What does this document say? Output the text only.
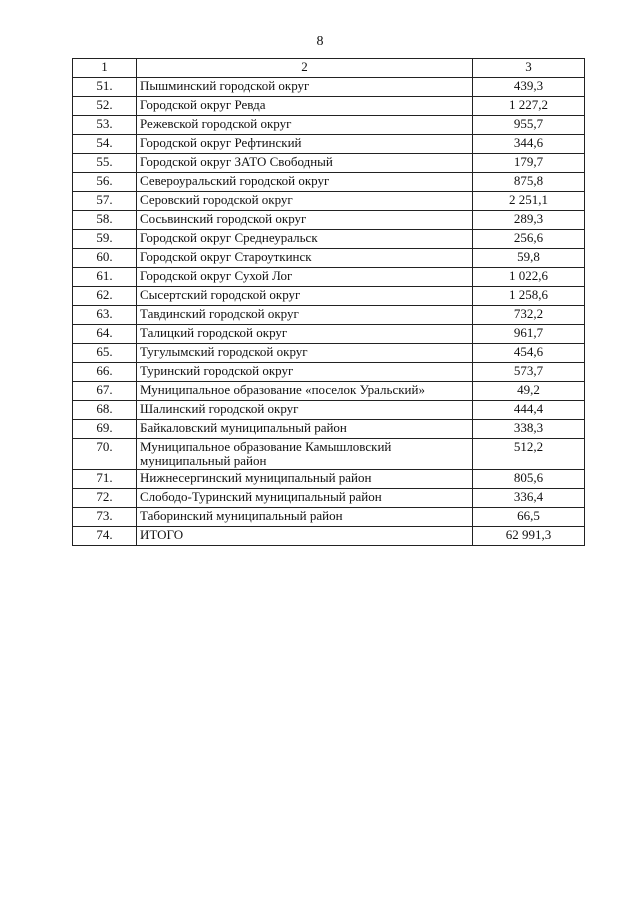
8
1	2	3
51.	Пышминский городской округ	439,3
52.	Городской округ Ревда	1 227,2
53.	Режевской городской округ	955,7
54.	Городской округ Рефтинский	344,6
55.	Городской округ ЗАТО Свободный	179,7
56.	Североуральский городской округ	875,8
57.	Серовский городской округ	2 251,1
58.	Сосьвинский городской округ	289,3
59.	Городской округ Среднеуральск	256,6
60.	Городской округ Староуткинск	59,8
61.	Городской округ Сухой Лог	1 022,6
62.	Сысертский городской округ	1 258,6
63.	Тавдинский городской округ	732,2
64.	Талицкий городской округ	961,7
65.	Тугулымский городской округ	454,6
66.	Туринский городской округ	573,7
67.	Муниципальное образование «поселок Уральский»	49,2
68.	Шалинский городской округ	444,4
69.	Байкаловский муниципальный район	338,3
70.	Муниципальное образование Камышловский муниципальный район	512,2
71.	Нижнесергинский муниципальный район	805,6
72.	Слободо-Туринский муниципальный район	336,4
73.	Таборинский муниципальный район	66,5
74.	ИТОГО	62 991,3
